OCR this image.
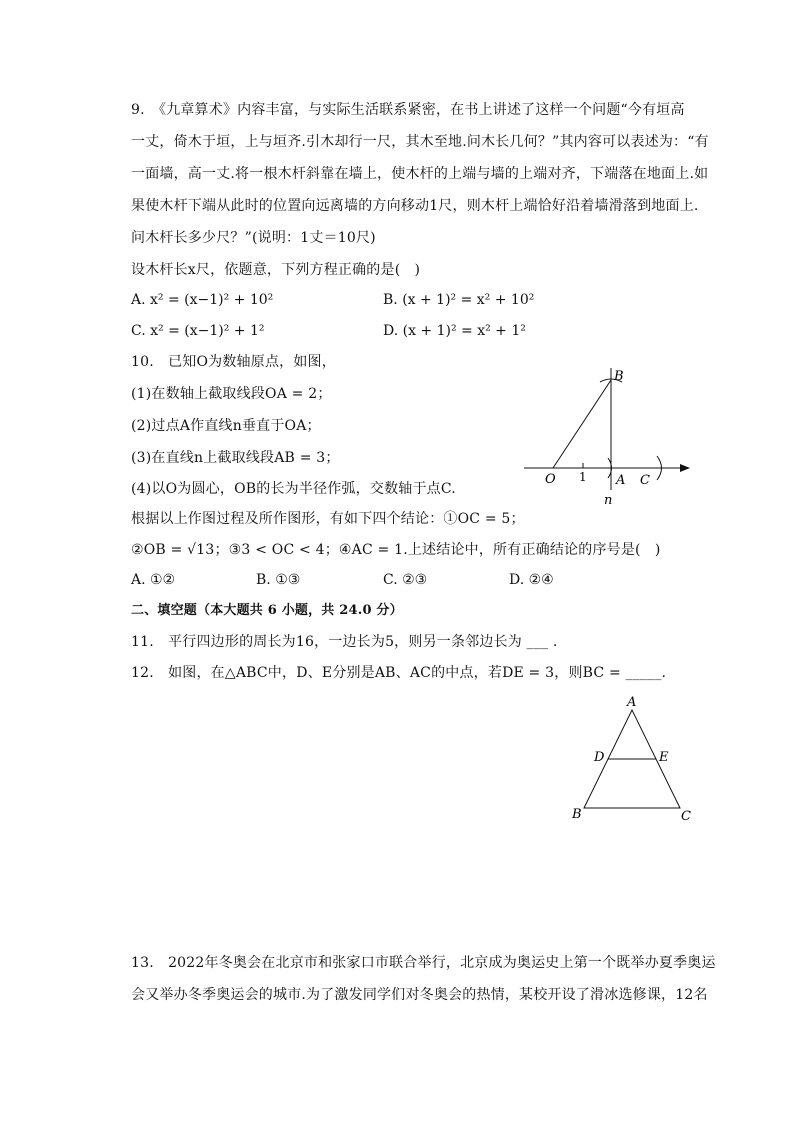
9.　《九章算术》内容丰富，与实际生活联系紧密，在书上讲述了这样一个问题“今有垣高
一丈，倚木于垣，上与垣齐.引木却行一尺，其木至地.问木长几何？”其内容可以表述为：“有
一面墙，高一丈.将一根木杆斜靠在墙上，使木杆的上端与墙的上端对齐，下端落在地面上.如
果使木杆下端从此时的位置向远离墙的方向移动1尺，则木杆上端恰好沿着墙滑落到地面上.
问木杆长多少尺？”(说明：1丈＝10尺)
设木杆长x尺，依题意，下列方程正确的是(　)
A. x² = (x−1)² + 10²	B. (x + 1)² = x² + 10²
C. x² = (x−1)² + 1²	D. (x + 1)² = x² + 1²
10.　已知O为数轴原点，如图，
(1)在数轴上截取线段OA = 2；
(2)过点A作直线n垂直于OA；
(3)在直线n上截取线段AB = 3；
(4)以O为圆心，OB的长为半径作弧，交数轴于点C.
根据以上作图过程及所作图形，有如下四个结论：①OC = 5；
②OB = √13；③3 < OC < 4；④AC = 1.上述结论中，所有正确结论的序号是(　)
A. ①②	B. ①③	C. ②③	D. ②④
B
O 1 A C
n
二、填空题（本大题共 6 小题，共 24.0 分）
11.　平行四边形的周长为16，一边长为5，则另一条邻边长为 ___ .
12.　如图，在△ABC中，D、E分别是AB、AC的中点，若DE = 3，则BC = _____.
A
D	E
B	C
13.　2022年冬奥会在北京市和张家口市联合举行，北京成为奥运史上第一个既举办夏季奥运
会又举办冬季奥运会的城市.为了激发同学们对冬奥会的热情，某校开设了滑冰选修课，12名
